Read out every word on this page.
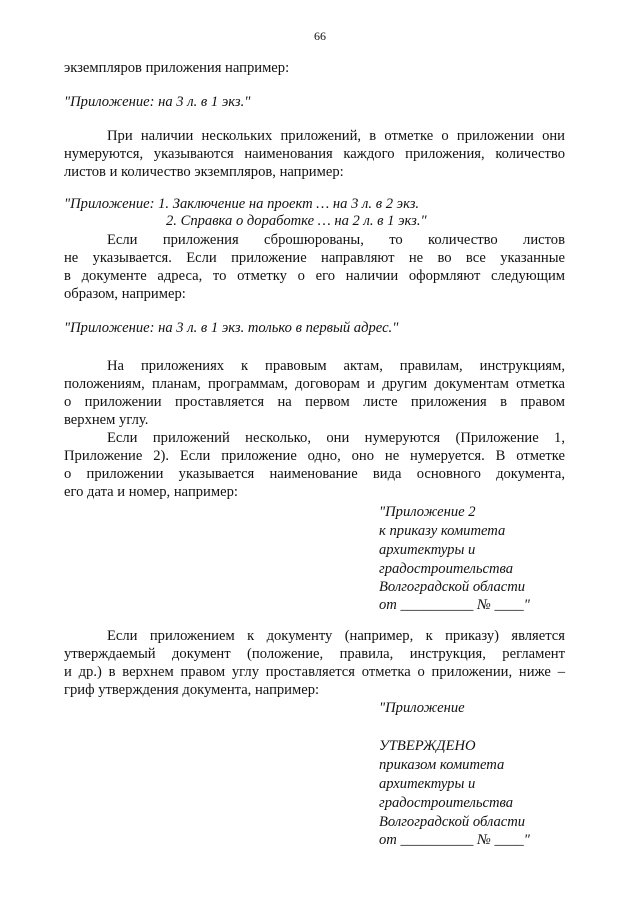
66
экземпляров приложения например:
"Приложение: на 3 л. в 1 экз."
При наличии нескольких приложений, в отметке о приложении они
нумеруются, указываются наименования каждого приложения, количество
листов и количество экземпляров, например:
"Приложение: 1. Заключение на проект … на 3 л. в 2 экз.
2. Справка о доработке … на 2 л. в 1 экз."
Если приложения сброшюрованы, то количество листов
не указывается. Если приложение направляют не во все указанные
в документе адреса, то отметку о его наличии оформляют следующим
образом, например:
"Приложение: на 3 л. в 1 экз. только в первый адрес."
На приложениях к правовым актам, правилам, инструкциям,
положениям, планам, программам, договорам и другим документам отметка
о приложении проставляется на первом листе приложения в правом
верхнем углу.
Если приложений несколько, они нумеруются (Приложение 1,
Приложение 2). Если приложение одно, оно не нумеруется. В отметке
о приложении указывается наименование вида основного документа,
его дата и номер, например:
"Приложение 2
к приказу комитета
архитектуры и
градостроительства
Волгоградской области
от __________ № ____"
Если приложением к документу (например, к приказу) является
утверждаемый документ (положение, правила, инструкция, регламент
и др.) в верхнем правом углу проставляется отметка о приложении, ниже –
гриф утверждения документа, например:
"Приложение
УТВЕРЖДЕНО
приказом комитета
архитектуры и
градостроительства
Волгоградской области
от __________ № ____"
